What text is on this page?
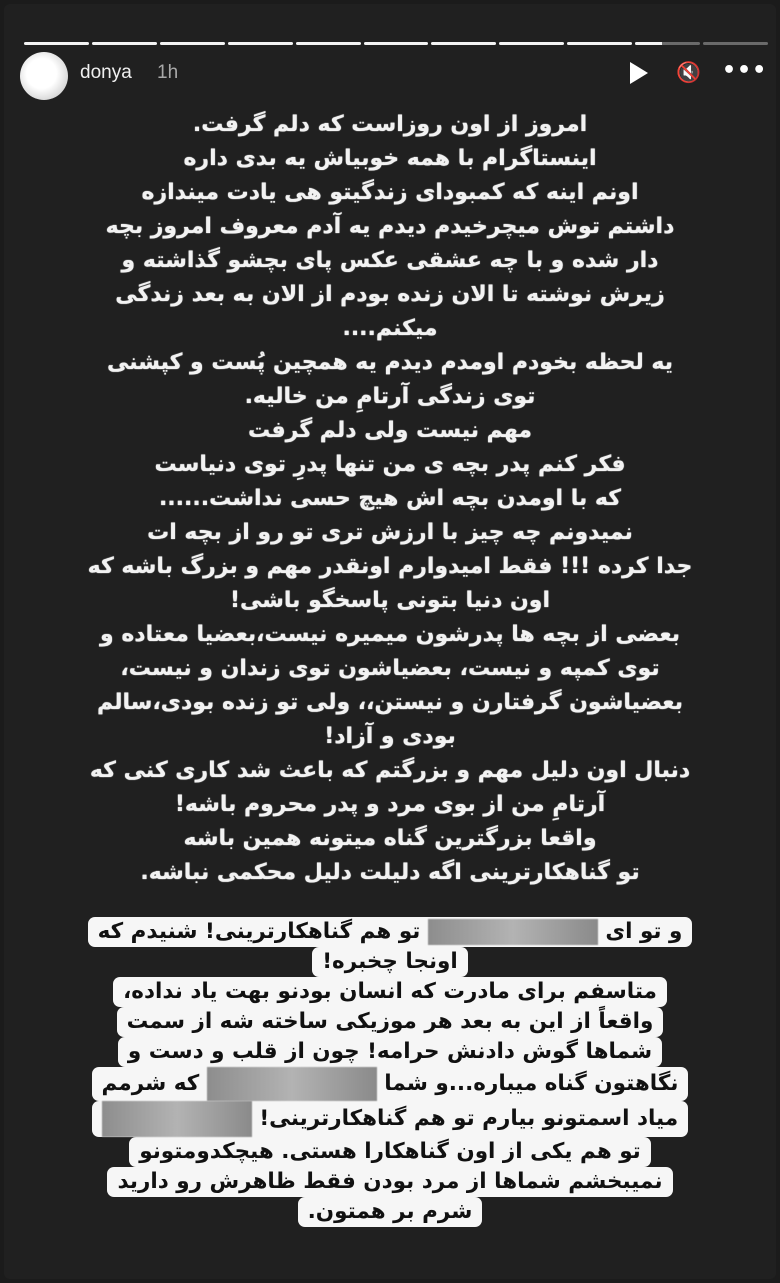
donya 1h	🔇 •••
امروز از اون روزاست که دلم گرفت.
اینستاگرام با همه خوبیاش یه بدی داره
اونم اینه که کمبودای زندگیتو هی یادت میندازه
داشتم توش میچرخیدم دیدم یه آدم معروف امروز بچه
دار شده و با چه عشقی عکس پای بچشو گذاشته و
زیرش نوشته تا الان زنده بودم از الان به بعد زندگی
میکنم....
یه لحظه بخودم اومدم دیدم یه همچین پُست و کپشنی
توی زندگی آرتامِ من خالیه.
مهم نیست ولی دلم گرفت
فکر کنم پدر بچه ی من تنها پدرِ توی دنیاست
که با اومدن بچه اش هیچ حسی نداشت......
نمیدونم چه چیز با ارزش تری تو رو از بچه ات
جدا کرده !!! فقط امیدوارم اونقدر مهم و بزرگ باشه که
اون دنیا بتونی پاسخگو باشی!
بعضی از بچه ها پدرشون میمیره نیست،بعضیا معتاده و
توی کمپه و نیست، بعضیاشون توی زندان و نیست،
بعضیاشون گرفتارن و نیستن،، ولی تو زنده بودی،سالم
بودی و آزاد!
دنبال اون دلیل مهم و بزرگتم که باعث شد کاری کنی که
آرتامِ من از بوی مرد و پدر محروم باشه!
واقعا بزرگترین گناه میتونه همین باشه
تو گناهکارترینی اگه دلیلت دلیل محکمی نباشه.
و تو ای  تو هم گناهکارترینی! شنیدم که
اونجا چخبره!
متاسفم برای مادرت که انسان بودنو بهت یاد نداده،
واقعاً از این به بعد هر موزیکی ساخته شه از سمت
شماها گوش دادنش حرامه! چون از قلب و دست و
نگاهتون گناه میباره...و شما  که شرمم
میاد اسمتونو بیارم تو هم گناهکارترینی!
تو هم یکی از اون گناهکارا هستی. هیچکدومتونو
نمیبخشم شماها از مرد بودن فقط ظاهرش رو دارید
شرم بر همتون.
